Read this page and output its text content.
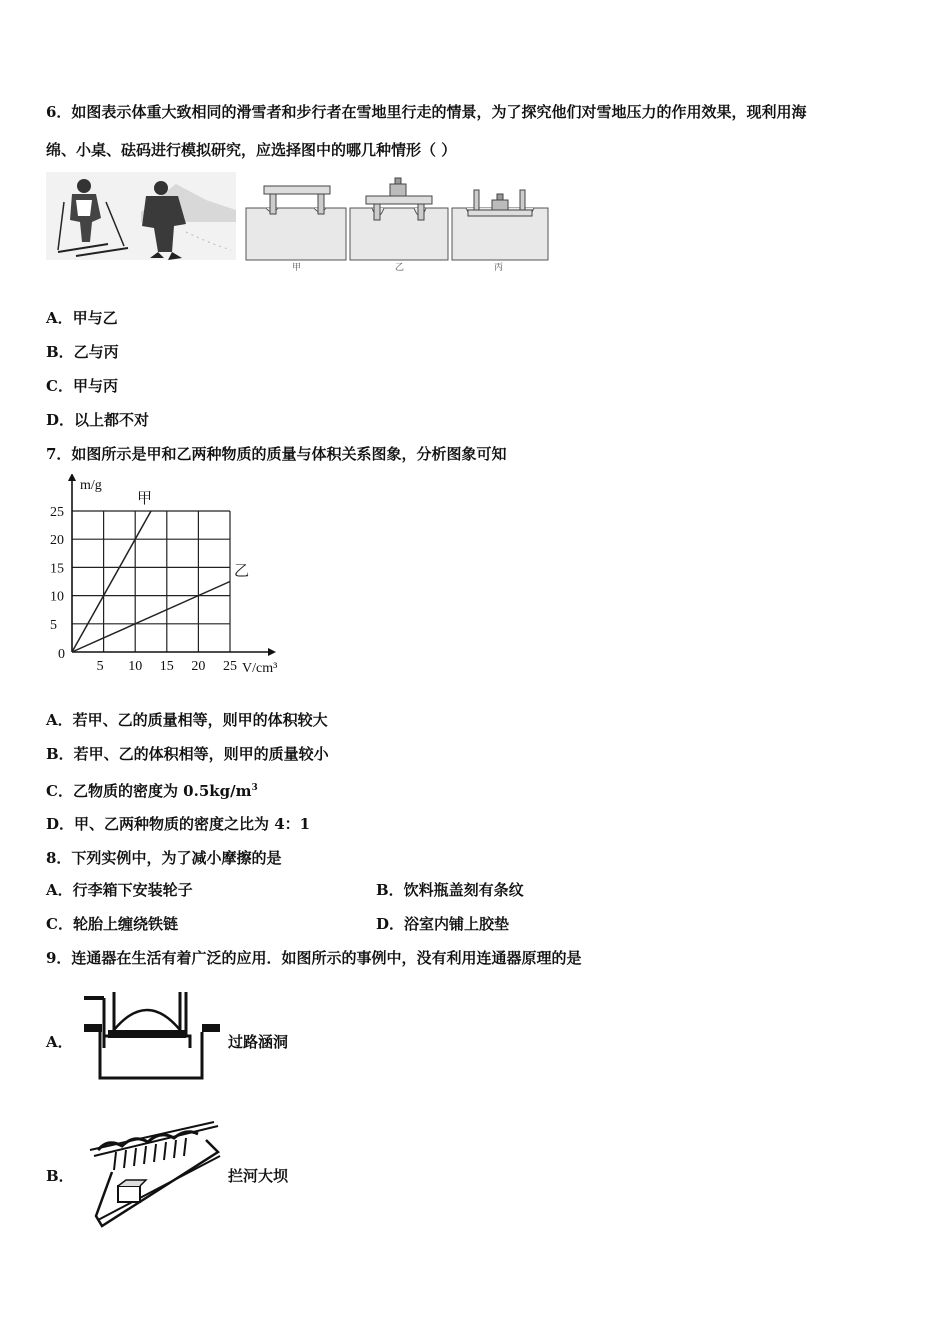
6．如图表示体重大致相同的滑雪者和步行者在雪地里行走的情景，为了探究他们对雪地压力的作用效果，现利用海
绵、小桌、砝码进行模拟研究，应选择图中的哪几种情形（ ）
甲	乙	丙
A．甲与乙
B．乙与丙
C．甲与丙
D．以上都不对
7．如图所示是甲和乙两种物质的质量与体积关系图象，分析图象可知
5 10 15 20 25
5
10
15
20
25
甲
乙
m/g
V/cm³
0
A．若甲、乙的质量相等，则甲的体积较大
B．若甲、乙的体积相等，则甲的质量较小
C．乙物质的密度为 $0.5kg/m^3$
D．甲、乙两种物质的密度之比为 4：1
8．下列实例中，为了减小摩擦的是
A．行李箱下安装轮子	B．饮料瓶盖刻有条纹
C．轮胎上缠绕铁链	D．浴室内铺上胶垫
9．连通器在生活有着广泛的应用．如图所示的事例中，没有利用连通器原理的是
A．	过路涵洞
B．	拦河大坝
